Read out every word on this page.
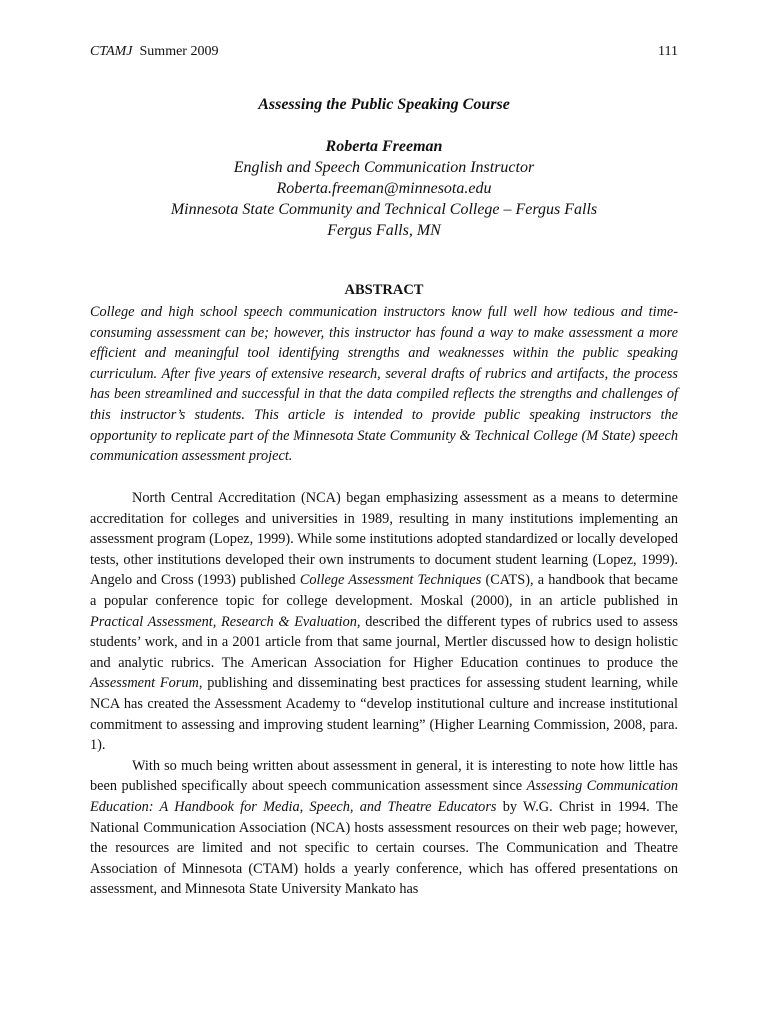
CTAMJ Summer 2009	111
Assessing the Public Speaking Course
Roberta Freeman
English and Speech Communication Instructor
Roberta.freeman@minnesota.edu
Minnesota State Community and Technical College – Fergus Falls
Fergus Falls, MN
ABSTRACT
College and high school speech communication instructors know full well how tedious and time-consuming assessment can be; however, this instructor has found a way to make assessment a more efficient and meaningful tool identifying strengths and weaknesses within the public speaking curriculum. After five years of extensive research, several drafts of rubrics and artifacts, the process has been streamlined and successful in that the data compiled reflects the strengths and challenges of this instructor’s students. This article is intended to provide public speaking instructors the opportunity to replicate part of the Minnesota State Community & Technical College (M State) speech communication assessment project.

North Central Accreditation (NCA) began emphasizing assessment as a means to determine accreditation for colleges and universities in 1989, resulting in many institutions implementing an assessment program (Lopez, 1999). While some institutions adopted standardized or locally developed tests, other institutions developed their own instruments to document student learning (Lopez, 1999). Angelo and Cross (1993) published College Assessment Techniques (CATS), a handbook that became a popular conference topic for college development. Moskal (2000), in an article published in Practical Assessment, Research & Evaluation, described the different types of rubrics used to assess students’ work, and in a 2001 article from that same journal, Mertler discussed how to design holistic and analytic rubrics. The American Association for Higher Education continues to produce the Assessment Forum, publishing and disseminating best practices for assessing student learning, while NCA has created the Assessment Academy to “develop institutional culture and increase institutional commitment to assessing and improving student learning” (Higher Learning Commission, 2008, para. 1).

With so much being written about assessment in general, it is interesting to note how little has been published specifically about speech communication assessment since Assessing Communication Education: A Handbook for Media, Speech, and Theatre Educators by W.G. Christ in 1994. The National Communication Association (NCA) hosts assessment resources on their web page; however, the resources are limited and not specific to certain courses. The Communication and Theatre Association of Minnesota (CTAM) holds a yearly conference, which has offered presentations on assessment, and Minnesota State University Mankato has
